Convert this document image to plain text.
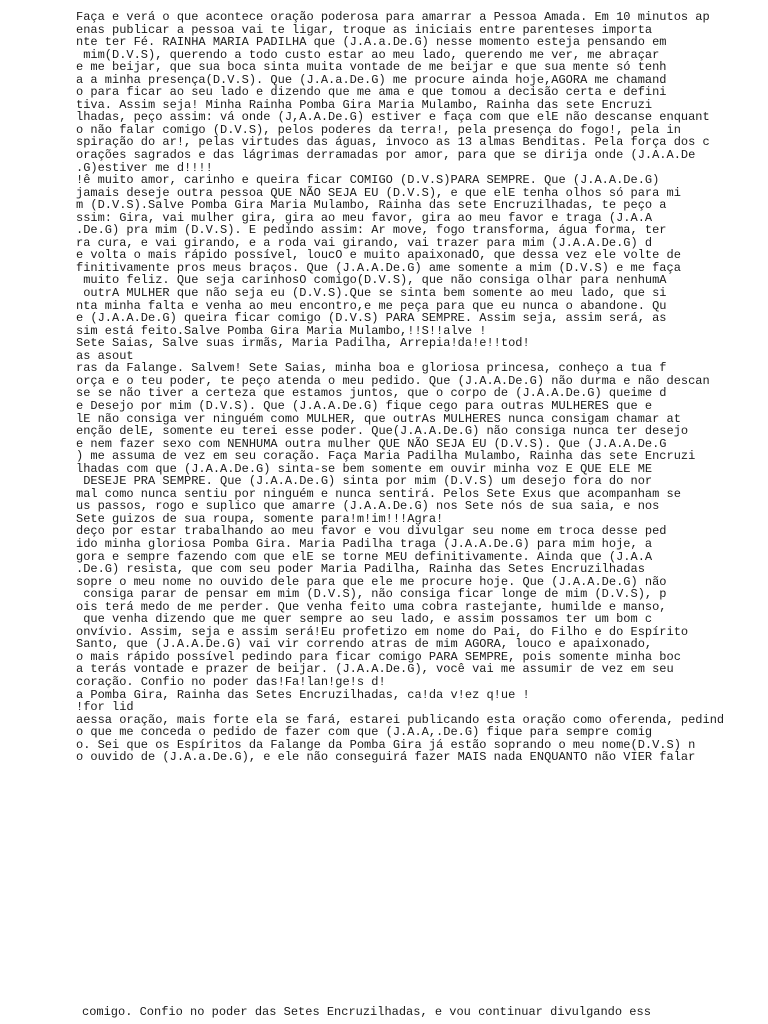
Faça e verá o que acontece oração poderosa para amarrar a Pessoa Amada. Em 10 minutos ap
enas publicar a pessoa vai te ligar, troque as iniciais entre parenteses importa
nte ter Fé. RAINHA MARIA PADILHA que (J.A.a.De.G) nesse momento esteja pensando em
mim(D.V.S), querendo a todo custo estar ao meu lado, querendo me ver, me abraçar
e me beijar, que sua boca sinta muita vontade de me beijar e que sua mente só tenh
a a minha presença(D.V.S). Que (J.A.a.De.G) me procure ainda hoje,AGORA me chamand
o para ficar ao seu lado e dizendo que me ama e que tomou a decisão certa e defini
tiva. Assim seja! Minha Rainha Pomba Gira Maria Mulambo, Rainha das sete Encruzi
lhadas, peço assim: vá onde (J,A.A.De.G) estiver e faça com que elE não descanse enquant
o não falar comigo (D.V.S), pelos poderes da terra!, pela presença do fogo!, pela in
spiração do ar!, pelas virtudes das águas, invoco as 13 almas Benditas. Pela força dos c
orações sagrados e das lágrimas derramadas por amor, para que se dirija onde (J.A.A.De
.G)estiver me d!!!!
!ê muito amor, carinho e queira ficar COMIGO (D.V.S)PARA SEMPRE. Que (J.A.A.De.G)
jamais deseje outra pessoa QUE NÃO SEJA EU (D.V.S), e que elE tenha olhos só para mi
m (D.V.S).Salve Pomba Gira Maria Mulambo, Rainha das sete Encruzilhadas, te peço a
ssim: Gira, vai mulher gira, gira ao meu favor, gira ao meu favor e traga (J.A.A
.De.G) pra mim (D.V.S). E pedindo assim: Ar move, fogo transforma, água forma, ter
ra cura, e vai girando, e a roda vai girando, vai trazer para mim (J.A.A.De.G) d
e volta o mais rápido possível, loucO e muito apaixonadO, que dessa vez ele volte de
finitivamente pros meus braços. Que (J.A.A.De.G) ame somente a mim (D.V.S) e me faça
muito feliz. Que seja carinhosO comigo(D.V.S), que não consiga olhar para nenhumA
outrA MULHER que não seja eu (D.V.S).Que se sinta bem somente ao meu lado, que si
nta minha falta e venha ao meu encontro,e me peça para que eu nunca o abandone. Qu
e (J.A.A.De.G) queira ficar comigo (D.V.S) PARA SEMPRE. Assim seja, assim será, as
sim está feito.Salve Pomba Gira Maria Mulambo,!!S!!alve !
Sete Saias, Salve suas irmãs, Maria Padilha, Arrepia!da!e!!tod!
as asout
ras da Falange. Salvem! Sete Saias, minha boa e gloriosa princesa, conheço a tua f
orça e o teu poder, te peço atenda o meu pedido. Que (J.A.A.De.G) não durma e não descan
se se não tiver a certeza que estamos juntos, que o corpo de (J.A.A.De.G) queime d
e Desejo por mim (D.V.S). Que (J.A.A.De.G) fique cego para outras MULHERES que e
lE não consiga ver ninguém como MULHER, que outrAs MULHERES nunca consigam chamar at
enção delE, somente eu terei esse poder. Que(J.A.A.De.G) não consiga nunca ter desejo
e nem fazer sexo com NENHUMA outra mulher QUE NÃO SEJA EU (D.V.S). Que (J.A.A.De.G
) me assuma de vez em seu coração. Faça Maria Padilha Mulambo, Rainha das sete Encruzi
lhadas com que (J.A.A.De.G) sinta-se bem somente em ouvir minha voz E QUE ELE ME
DESEJE PRA SEMPRE. Que (J.A.A.De.G) sinta por mim (D.V.S) um desejo fora do nor
mal como nunca sentiu por ninguém e nunca sentirá. Pelos Sete Exus que acompanham se
us passos, rogo e suplico que amarre (J.A.A.De.G) nos Sete nós de sua saia, e nos
Sete guizos de sua roupa, somente para!m!im!!!Agra!
deço por estar trabalhando ao meu favor e vou divulgar seu nome em troca desse ped
ido minha gloriosa Pomba Gira. Maria Padilha traga (J.A.A.De.G) para mim hoje, a
gora e sempre fazendo com que elE se torne MEU definitivamente. Ainda que (J.A.A
.De.G) resista, que com seu poder Maria Padilha, Rainha das Setes Encruzilhadas
sopre o meu nome no ouvido dele para que ele me procure hoje. Que (J.A.A.De.G) não
consiga parar de pensar em mim (D.V.S), não consiga ficar longe de mim (D.V.S), p
ois terá medo de me perder. Que venha feito uma cobra rastejante, humilde e manso,
que venha dizendo que me quer sempre ao seu lado, e assim possamos ter um bom c
onvívio. Assim, seja e assim será!Eu profetizo em nome do Pai, do Filho e do Espírito
Santo, que (J.A.A.De.G) vai vir correndo atras de mim AGORA, louco e apaixonado,
o mais rápido possível pedindo para ficar comigo PARA SEMPRE, pois somente minha boc
a terás vontade e prazer de beijar. (J.A.A.De.G), você vai me assumir de vez em seu
coração. Confio no poder das!Fa!lan!ge!s d!
a Pomba Gira, Rainha das Setes Encruzilhadas, ca!da v!ez q!ue !
!for lid
aessa oração, mais forte ela se fará, estarei publicando esta oração como oferenda, pedind
o que me conceda o pedido de fazer com que (J.A.A,.De.G) fique para sempre comig
o. Sei que os Espíritos da Falange da Pomba Gira já estão soprando o meu nome(D.V.S) n
o ouvido de (J.A.a.De.G), e ele não conseguirá fazer MAIS nada ENQUANTO não VIER falar
comigo. Confio no poder das Setes Encruzilhadas, e vou continuar divulgando ess
